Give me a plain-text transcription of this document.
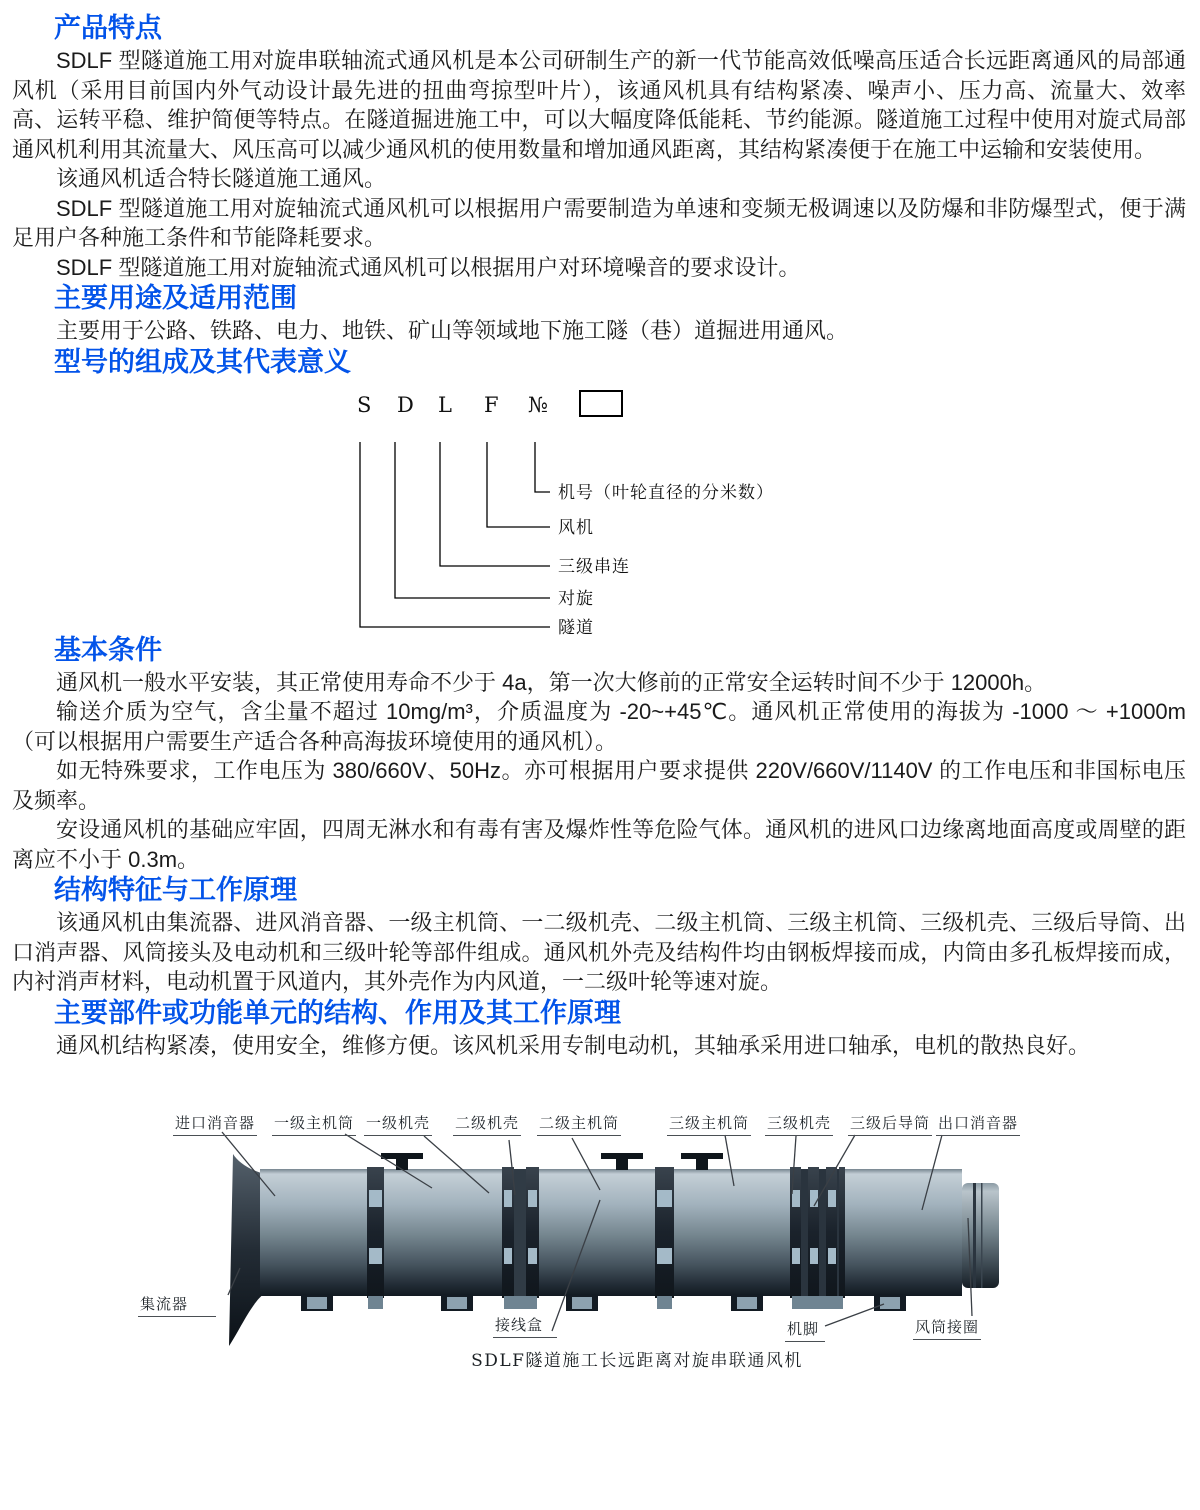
产品特点

SDLF 型隧道施工用对旋串联轴流式通风机是本公司研制生产的新一代节能高效低噪高压适合长远距离通风的局部通风机（采用目前国内外气动设计最先进的扭曲弯掠型叶片），该通风机具有结构紧凑、噪声小、压力高、流量大、效率高、运转平稳、维护简便等特点。在隧道掘进施工中，可以大幅度降低能耗、节约能源。隧道施工过程中使用对旋式局部通风机利用其流量大、风压高可以减少通风机的使用数量和增加通风距离，其结构紧凑便于在施工中运输和安装使用。

该通风机适合特长隧道施工通风。

SDLF 型隧道施工用对旋轴流式通风机可以根据用户需要制造为单速和变频无极调速以及防爆和非防爆型式，便于满足用户各种施工条件和节能降耗要求。

SDLF 型隧道施工用对旋轴流式通风机可以根据用户对环境噪音的要求设计。

主要用途及适用范围

主要用于公路、铁路、电力、地铁、矿山等领域地下施工隧（巷）道掘进用通风。

型号的组成及其代表意义
S D L F №
机号（叶轮直径的分米数）
风机
三级串连
对旋
隧道
基本条件

通风机一般水平安装，其正常使用寿命不少于 4a，第一次大修前的正常安全运转时间不少于 12000h。

输送介质为空气，含尘量不超过 10mg/m³，介质温度为 -20~+45℃。通风机正常使用的海拔为 -1000 ～ +1000m（可以根据用户需要生产适合各种高海拔环境使用的通风机）。

如无特殊要求，工作电压为 380/660V、50Hz。亦可根据用户要求提供 220V/660V/1140V 的工作电压和非国标电压及频率。

安设通风机的基础应牢固，四周无淋水和有毒有害及爆炸性等危险气体。通风机的进风口边缘离地面高度或周壁的距离应不小于 0.3m。

结构特征与工作原理

该通风机由集流器、进风消音器、一级主机筒、一二级机壳、二级主机筒、三级主机筒、三级机壳、三级后导筒、出口消声器、风筒接头及电动机和三级叶轮等部件组成。通风机外壳及结构件均由钢板焊接而成，内筒由多孔板焊接而成，内衬消声材料，电动机置于风道内，其外壳作为内风道，一二级叶轮等速对旋。

主要部件或功能单元的结构、作用及其工作原理

通风机结构紧凑，使用安全，维修方便。该风机采用专制电动机，其轴承采用进口轴承，电机的散热良好。

进口消音器 一级主机筒 一级机壳 二级机壳 二级主机筒	三级主机筒 三级机壳 三级后导筒 出口消音器
集流器
接线盒	机脚	风筒接圈
SDLF隧道施工长远距离对旋串联通风机
